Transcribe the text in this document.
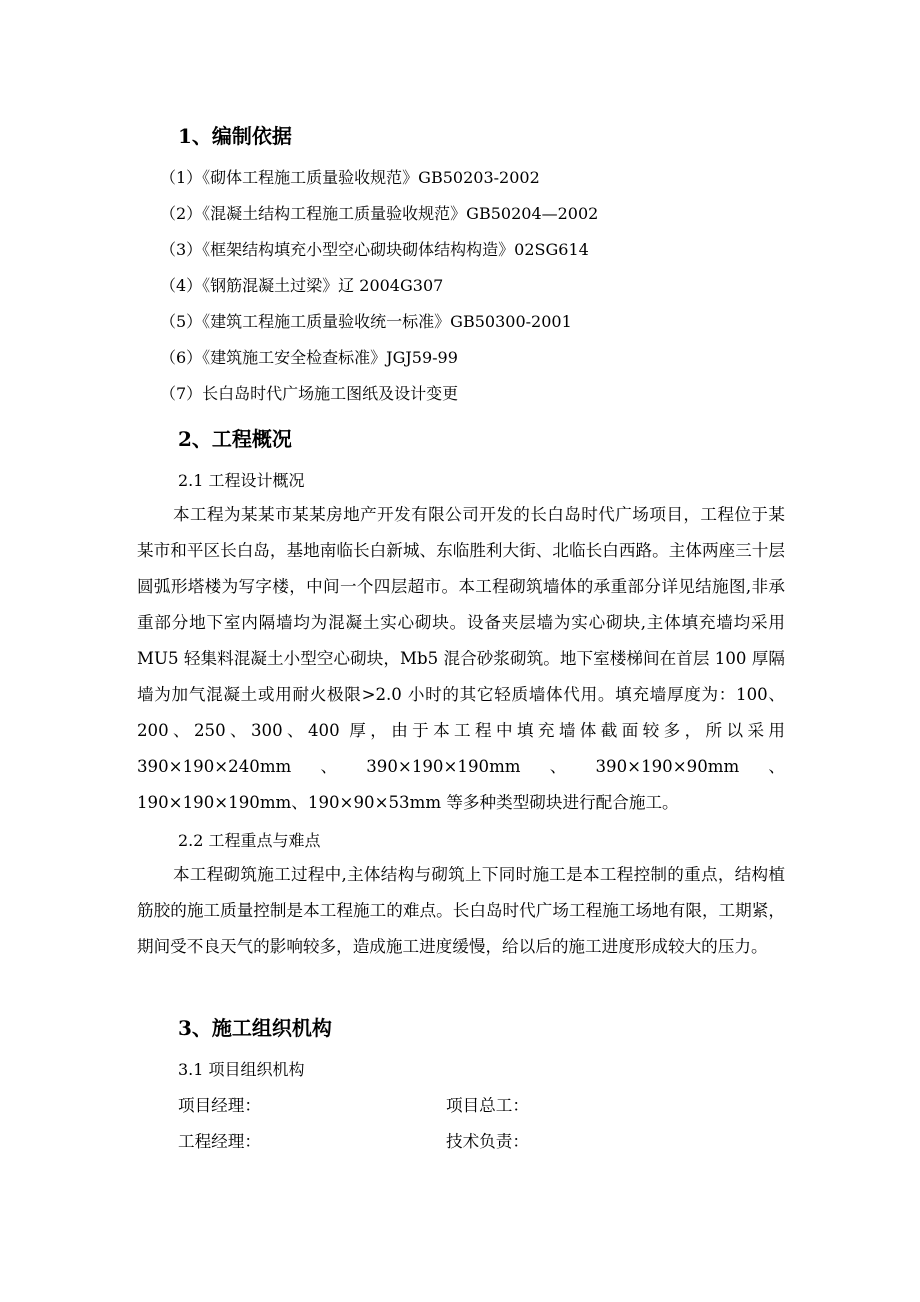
1、编制依据
（1）《砌体工程施工质量验收规范》GB50203-2002
（2）《混凝土结构工程施工质量验收规范》GB50204—2002
（3）《框架结构填充小型空心砌块砌体结构构造》02SG614
（4）《钢筋混凝土过梁》辽 2004G307
（5）《建筑工程施工质量验收统一标准》GB50300-2001
（6）《建筑施工安全检查标准》JGJ59-99
（7）长白岛时代广场施工图纸及设计变更
2、工程概况
2.1 工程设计概况

本工程为某某市某某房地产开发有限公司开发的长白岛时代广场项目，工程位于某某市和平区长白岛，基地南临长白新城、东临胜利大街、北临长白西路。主体两座三十层圆弧形塔楼为写字楼，中间一个四层超市。本工程砌筑墙体的承重部分详见结施图,非承重部分地下室内隔墙均为混凝土实心砌块。设备夹层墙为实心砌块,主体填充墙均采用 MU5 轻集料混凝土小型空心砌块，Mb5 混合砂浆砌筑。地下室楼梯间在首层 100 厚隔墙为加气混凝土或用耐火极限>2.0 小时的其它轻质墙体代用。填充墙厚度为：100、200、250、300、400 厚，由于本工程中填充墙体截面较多，所以采用 390×190×240mm、390×190×190mm、390×190×90mm、190×190×190mm、190×90×53mm 等多种类型砌块进行配合施工。

2.2 工程重点与难点

本工程砌筑施工过程中,主体结构与砌筑上下同时施工是本工程控制的重点，结构植筋胶的施工质量控制是本工程施工的难点。长白岛时代广场工程施工场地有限，工期紧，期间受不良天气的影响较多，造成施工进度缓慢，给以后的施工进度形成较大的压力。

3、施工组织机构
3.1 项目组织机构
项目经理：	项目总工：
工程经理：	技术负责：
